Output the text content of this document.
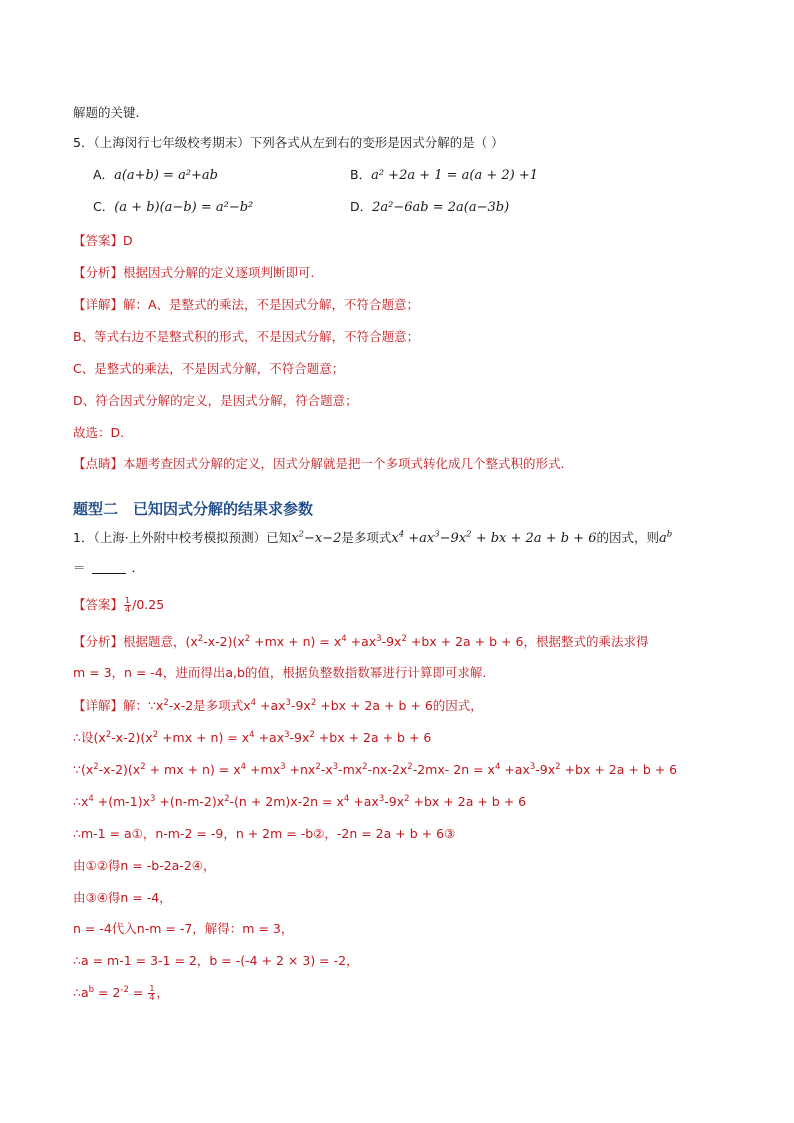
解题的关键.
5．（上海闵行七年级校考期末）下列各式从左到右的变形是因式分解的是（ ）
A．a(a+b) = a²+ab	B．a² +2a + 1 = a(a + 2) +1
C．(a + b)(a−b) = a²−b²	D．2a²−6ab = 2a(a−3b)
【答案】D
【分析】根据因式分解的定义逐项判断即可.
【详解】解：A、是整式的乘法，不是因式分解，不符合题意；
B、等式右边不是整式积的形式，不是因式分解，不符合题意；
C、是整式的乘法，不是因式分解，不符合题意；
D、符合因式分解的定义，是因式分解，符合题意；
故选：D.
【点睛】本题考查因式分解的定义，因式分解就是把一个多项式转化成几个整式积的形式.
题型二　已知因式分解的结果求参数
1．（上海·上外附中校考模拟预测）已知$x^2-x-2$是多项式$x^4 +ax^3-9x^2$ + bx + 2a + b + 6的因式，则$a^b$
＝	．
【答案】 $\frac{1}{4} /0.25$
【分析】根据题意，$(x^2-x-2)(x^2 +mx + n) = x^4 +ax^3-9x^2 +bx + 2a + b + 6$，根据整式的乘法求得
m = 3，n = -4，进而得出a,b的值，根据负整数指数幂进行计算即可求解.
【详解】解：$\because x^2-x-2$是多项式$x^4 +ax^3-9x^2 +bx + 2a + b + 6$的因式，
∴设$(x^2-x-2)(x^2 +mx + n) = x^4 +ax^3-9x^2 +bx + 2a + b + 6$
$\because(x^2-x-2)(x^2$ + mx + $n) = x^4 +mx^3 +nx^2-x^3-mx^2-nx-2x^2-2mx-$ $2n = x^4 +ax^3-9x^2 +bx + 2a + b + 6$
$\therefore x^4 +(m-1)x^3 +(n-m-2)x^2-(n + 2m)x-2n = x^4 +ax^3-9x^2 +bx + 2a + b + 6$
∴m-1 = a①，n-m-2 = -9，n + 2m = -b②，-2n = 2a + b + 6③
由①②得n = -b-2a-2④，
由③④得n = -4，
n = -4代入n-m = -7，解得：m = 3，
∴a = m-1 = 3-1 = 2，b = -(-4 + 2 × 3) = -2，
$\therefore a^b = 2^{-2} = \frac{1}{4}$ ，
